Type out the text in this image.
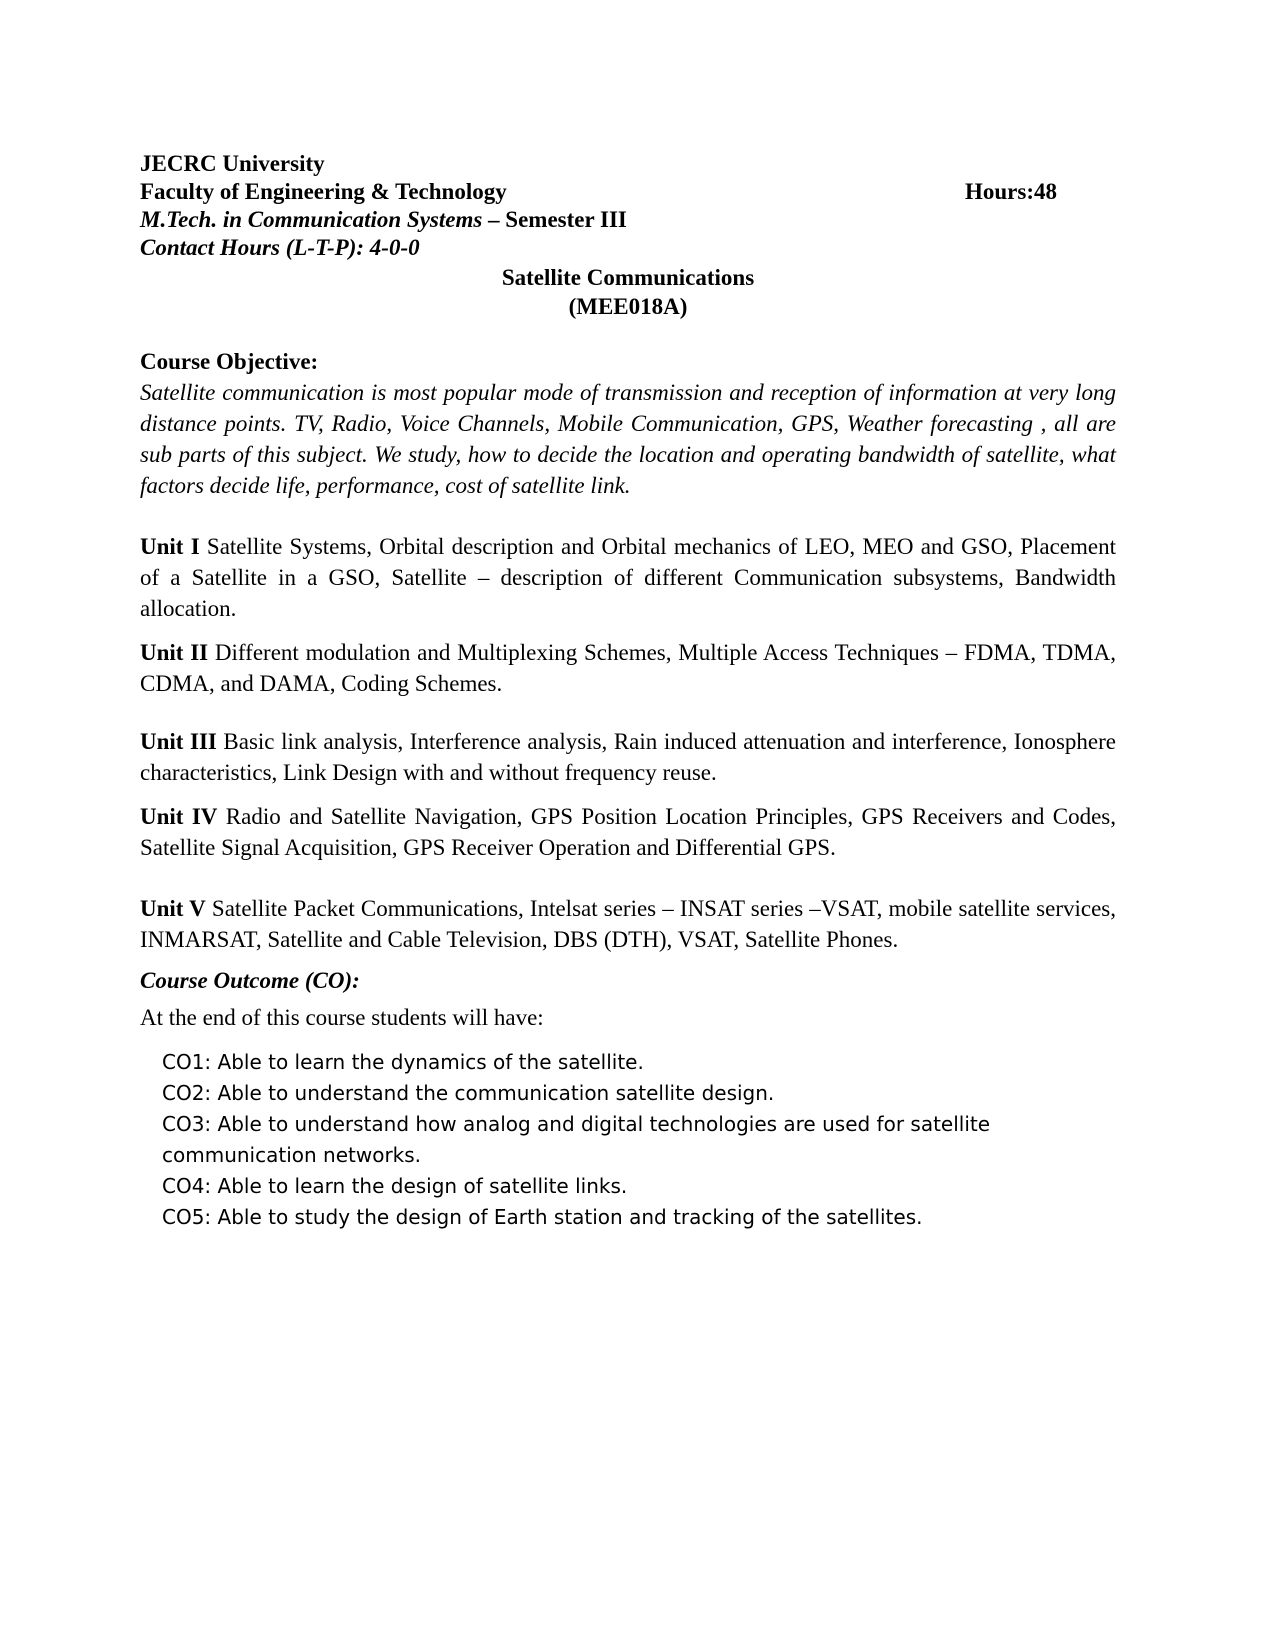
JECRC University
Faculty of Engineering & Technology	Hours:48
M.Tech. in Communication Systems – Semester III
Contact Hours (L-T-P): 4-0-0
Satellite Communications
(MEE018A)
Course Objective:
Satellite communication is most popular mode of transmission and reception of information at very long distance points. TV, Radio, Voice Channels, Mobile Communication, GPS, Weather forecasting , all are sub parts of this subject. We study, how to decide the location and operating bandwidth of satellite, what factors decide life, performance, cost of satellite link.
Unit I Satellite Systems, Orbital description and Orbital mechanics of LEO, MEO and GSO, Placement of a Satellite in a GSO, Satellite – description of different Communication subsystems, Bandwidth allocation.
Unit II Different modulation and Multiplexing Schemes, Multiple Access Techniques – FDMA, TDMA, CDMA, and DAMA, Coding Schemes.
Unit III Basic link analysis, Interference analysis, Rain induced attenuation and interference, Ionosphere characteristics, Link Design with and without frequency reuse.
Unit IV Radio and Satellite Navigation, GPS Position Location Principles, GPS Receivers and Codes, Satellite Signal Acquisition, GPS Receiver Operation and Differential GPS.
Unit V Satellite Packet Communications, Intelsat series – INSAT series –VSAT, mobile satellite services, INMARSAT, Satellite and Cable Television, DBS (DTH), VSAT, Satellite Phones.
Course Outcome (CO):
At the end of this course students will have:
CO1: Able to learn the dynamics of the satellite.
CO2: Able to understand the communication satellite design.
CO3: Able to understand how analog and digital technologies are used for satellite communication networks.
CO4: Able to learn the design of satellite links.
CO5: Able to study the design of Earth station and tracking of the satellites.
